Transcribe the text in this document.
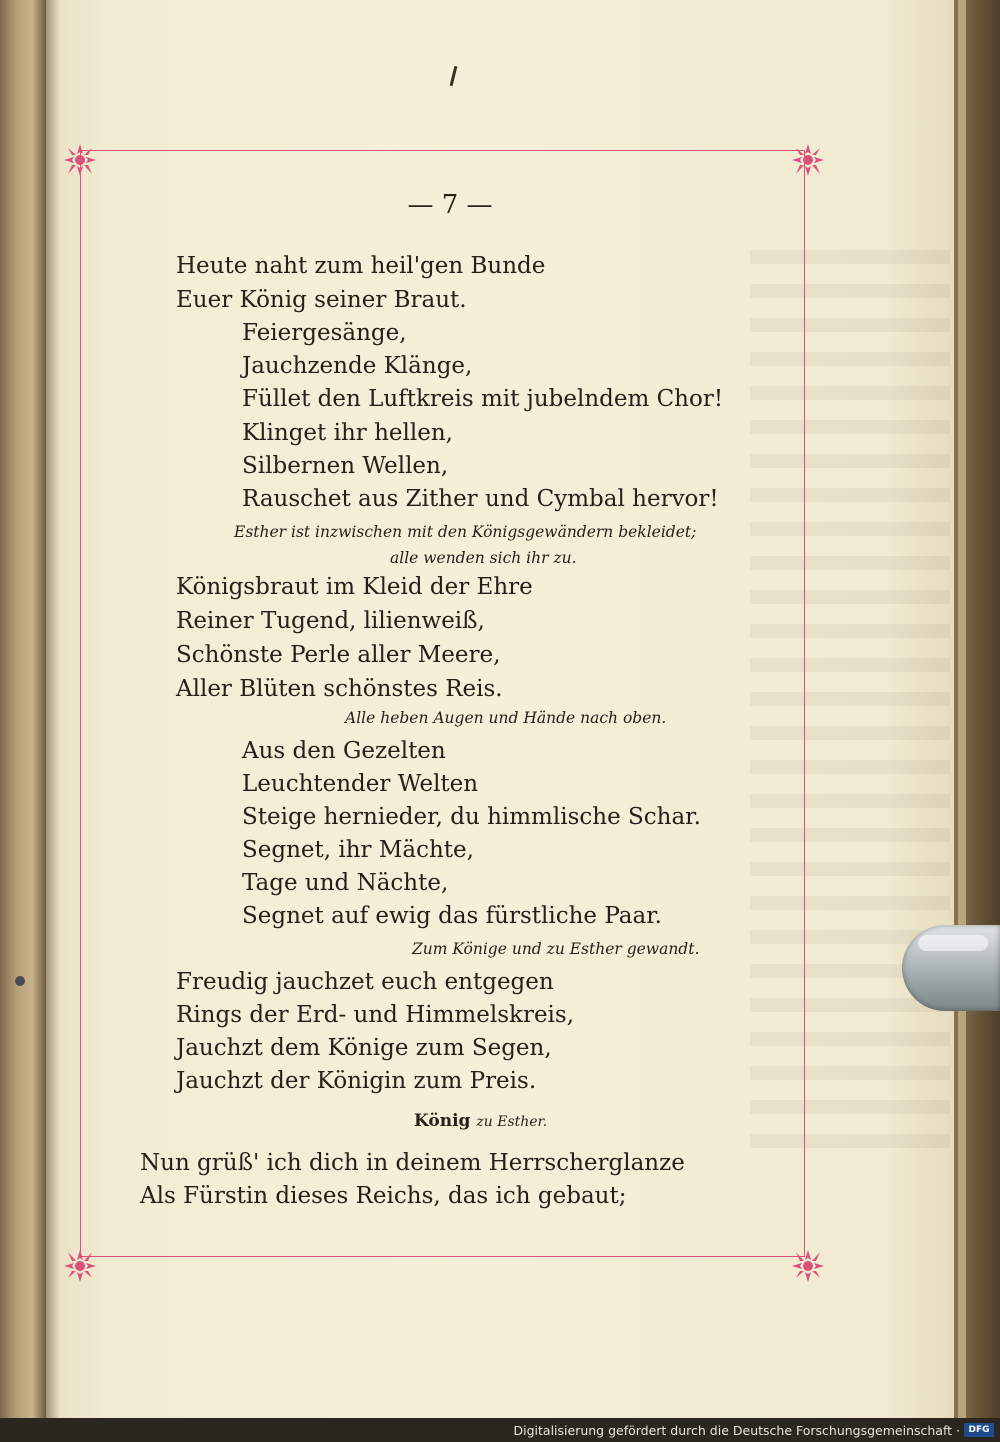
— 7 —
Heute naht zum heil'gen Bunde
Euer König seiner Braut.
Feiergesänge,
Jauchzende Klänge,
Füllet den Luftkreis mit jubelndem Chor!
Klinget ihr hellen,
Silbernen Wellen,
Rauschet aus Zither und Cymbal hervor!
Esther ist inzwischen mit den Königsgewändern bekleidet;
alle wenden sich ihr zu.
Königsbraut im Kleid der Ehre
Reiner Tugend, lilienweiß,
Schönste Perle aller Meere,
Aller Blüten schönstes Reis.
Alle heben Augen und Hände nach oben.
Aus den Gezelten
Leuchtender Welten
Steige hernieder, du himmlische Schar.
Segnet, ihr Mächte,
Tage und Nächte,
Segnet auf ewig das fürstliche Paar.
Zum Könige und zu Esther gewandt.
Freudig jauchzet euch entgegen
Rings der Erd- und Himmelskreis,
Jauchzt dem Könige zum Segen,
Jauchzt der Königin zum Preis.
König zu Esther.
Nun grüß' ich dich in deinem Herrscherglanze
Als Fürstin dieses Reichs, das ich gebaut;
Digitalisierung gefördert durch die Deutsche Forschungsgemeinschaft · DFG
